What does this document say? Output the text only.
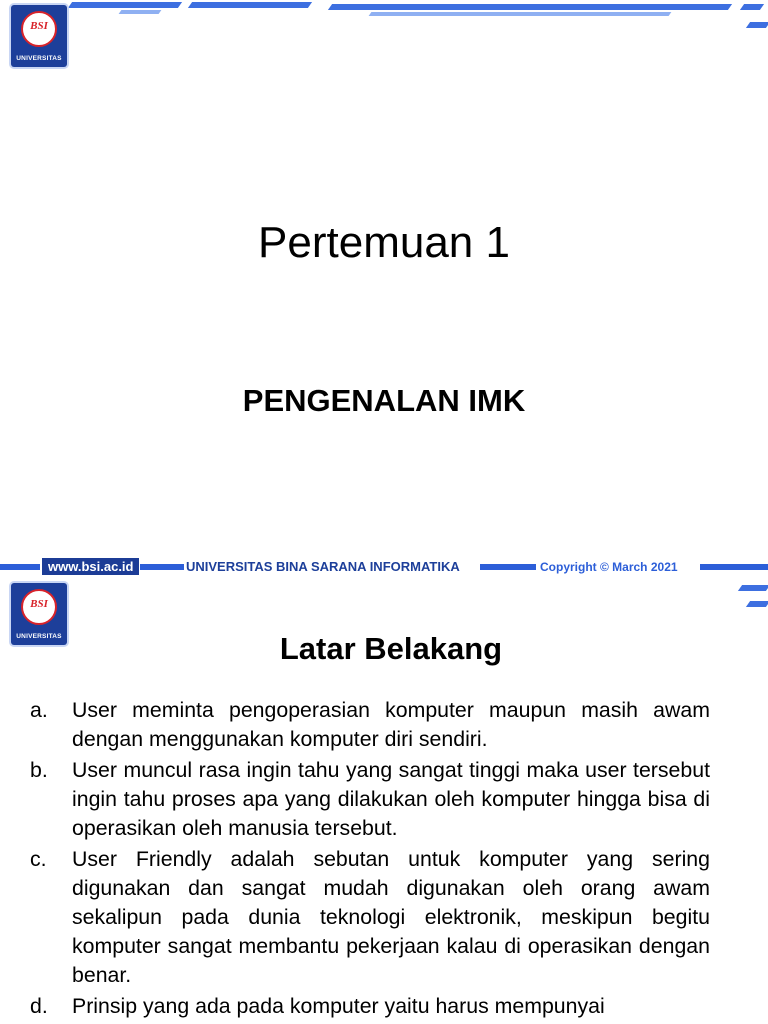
BSI
UNIVERSITAS
Pertemuan 1
PENGENALAN IMK
www.bsi.ac.id	UNIVERSITAS BINA SARANA INFORMATIKA	Copyright © March 2021
BSI
UNIVERSITAS	Latar Belakang
a. User meminta pengoperasian komputer maupun masih awam dengan menggunakan komputer diri sendiri.
b. User muncul rasa ingin tahu yang sangat tinggi maka user tersebut ingin tahu proses apa yang dilakukan oleh komputer hingga bisa di operasikan oleh manusia tersebut.
c. User Friendly adalah sebutan untuk komputer yang sering digunakan dan sangat mudah digunakan oleh orang awam sekalipun pada dunia teknologi elektronik, meskipun begitu komputer sangat membantu pekerjaan kalau di operasikan dengan benar.
d. Prinsip yang ada pada komputer yaitu harus mempunyai
